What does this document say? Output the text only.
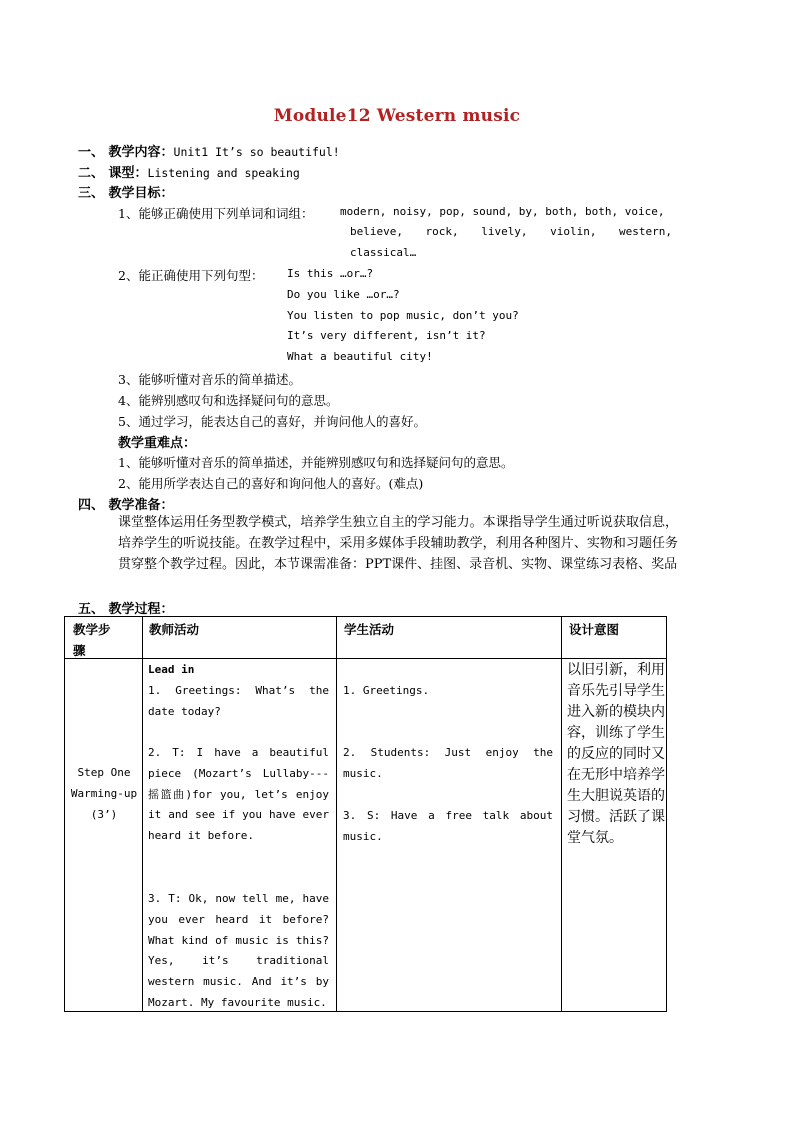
Module12 Western music
一、 教学内容：Unit1 It’s so beautiful!
二、 课型：Listening and speaking
三、 教学目标：
1、能够正确使用下列单词和词组： modern, noisy, pop, sound, by, both, both, voice,
believe, rock, lively, violin, western,
classical…
2、能正确使用下列句型： Is this …or…?
Do you like …or…?
You listen to pop music, don’t you?
It’s very different, isn’t it?
What a beautiful city!
3、能够听懂对音乐的简单描述。
4、能辨别感叹句和选择疑问句的意思。
5、通过学习，能表达自己的喜好，并询问他人的喜好。
教学重难点：
1、能够听懂对音乐的简单描述，并能辨别感叹句和选择疑问句的意思。
2、能用所学表达自己的喜好和询问他人的喜好。(难点)
四、 教学准备：
课堂整体运用任务型教学模式，培养学生独立自主的学习能力。本课指导学生通过听说获取信息，培养学生的听说技能。在教学过程中，采用多媒体手段辅助教学，利用各种图片、实物和习题任务贯穿整个教学过程。因此，本节课需准备：PPT课件、挂图、录音机、实物、课堂练习表格、奖品
五、 教学过程：
教学步骤
教师活动	学生活动	设计意图
Step One Warming-up (3’)
Lead in
1. Greetings: What’s the date today?
2. T: I have a beautiful piece (Mozart’s Lullaby---摇篮曲)for you, let’s enjoy it and see if you have ever heard it before.
3. T: Ok, now tell me, have you ever heard it before? What kind of music is this? Yes, it’s traditional western music. And it’s by Mozart. My favourite music.
1. Greetings.
2. Students: Just enjoy the music.
3. S: Have a free talk about music.
以旧引新，利用音乐先引导学生进入新的模块内容，训练了学生的反应的同时又在无形中培养学生大胆说英语的习惯。活跃了课堂气氛。
